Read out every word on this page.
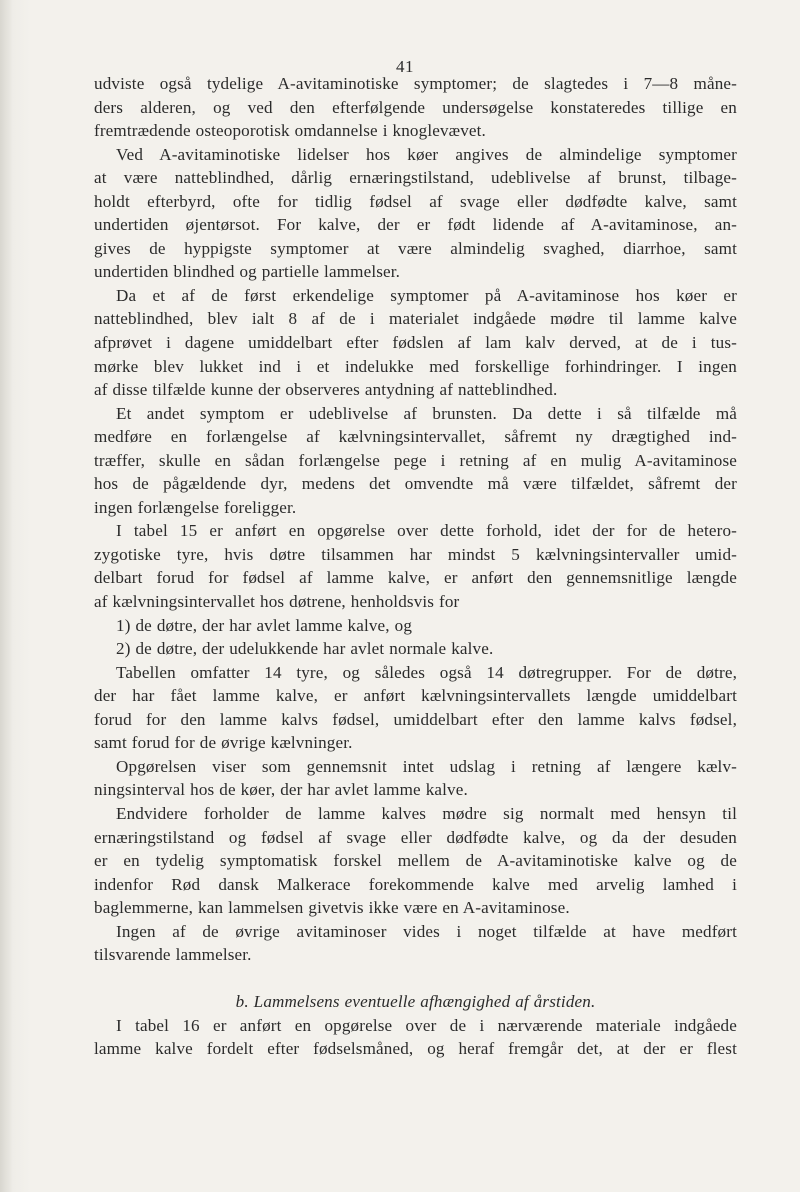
41
udviste også tydelige A-avitaminotiske symptomer; de slagtedes i 7—8 måne-
ders alderen, og ved den efterfølgende undersøgelse konstateredes tillige en
fremtrædende osteoporotisk omdannelse i knoglevævet.
Ved A-avitaminotiske lidelser hos køer angives de almindelige symptomer
at være natteblindhed, dårlig ernæringstilstand, udeblivelse af brunst, tilbage-
holdt efterbyrd, ofte for tidlig fødsel af svage eller dødfødte kalve, samt
undertiden øjentørsot. For kalve, der er født lidende af A-avitaminose, an-
gives de hyppigste symptomer at være almindelig svaghed, diarrhoe, samt
undertiden blindhed og partielle lammelser.
Da et af de først erkendelige symptomer på A-avitaminose hos køer er
natteblindhed, blev ialt 8 af de i materialet indgåede mødre til lamme kalve
afprøvet i dagene umiddelbart efter fødslen af lam kalv derved, at de i tus-
mørke blev lukket ind i et indelukke med forskellige forhindringer. I ingen
af disse tilfælde kunne der observeres antydning af natteblindhed.
Et andet symptom er udeblivelse af brunsten. Da dette i så tilfælde må
medføre en forlængelse af kælvningsintervallet, såfremt ny drægtighed ind-
træffer, skulle en sådan forlængelse pege i retning af en mulig A-avitaminose
hos de pågældende dyr, medens det omvendte må være tilfældet, såfremt der
ingen forlængelse foreligger.
I tabel 15 er anført en opgørelse over dette forhold, idet der for de hetero-
zygotiske tyre, hvis døtre tilsammen har mindst 5 kælvningsintervaller umid-
delbart forud for fødsel af lamme kalve, er anført den gennemsnitlige længde
af kælvningsintervallet hos døtrene, henholdsvis for
1) de døtre, der har avlet lamme kalve, og
2) de døtre, der udelukkende har avlet normale kalve.
Tabellen omfatter 14 tyre, og således også 14 døtregrupper. For de døtre,
der har fået lamme kalve, er anført kælvningsintervallets længde umiddelbart
forud for den lamme kalvs fødsel, umiddelbart efter den lamme kalvs fødsel,
samt forud for de øvrige kælvninger.
Opgørelsen viser som gennemsnit intet udslag i retning af længere kælv-
ningsinterval hos de køer, der har avlet lamme kalve.
Endvidere forholder de lamme kalves mødre sig normalt med hensyn til
ernæringstilstand og fødsel af svage eller dødfødte kalve, og da der desuden
er en tydelig symptomatisk forskel mellem de A-avitaminotiske kalve og de
indenfor Rød dansk Malkerace forekommende kalve med arvelig lamhed i
baglemmerne, kan lammelsen givetvis ikke være en A-avitaminose.
Ingen af de øvrige avitaminoser vides i noget tilfælde at have medført
tilsvarende lammelser.
b. Lammelsens eventuelle afhængighed af årstiden.
I tabel 16 er anført en opgørelse over de i nærværende materiale indgåede
lamme kalve fordelt efter fødselsmåned, og heraf fremgår det, at der er flest
